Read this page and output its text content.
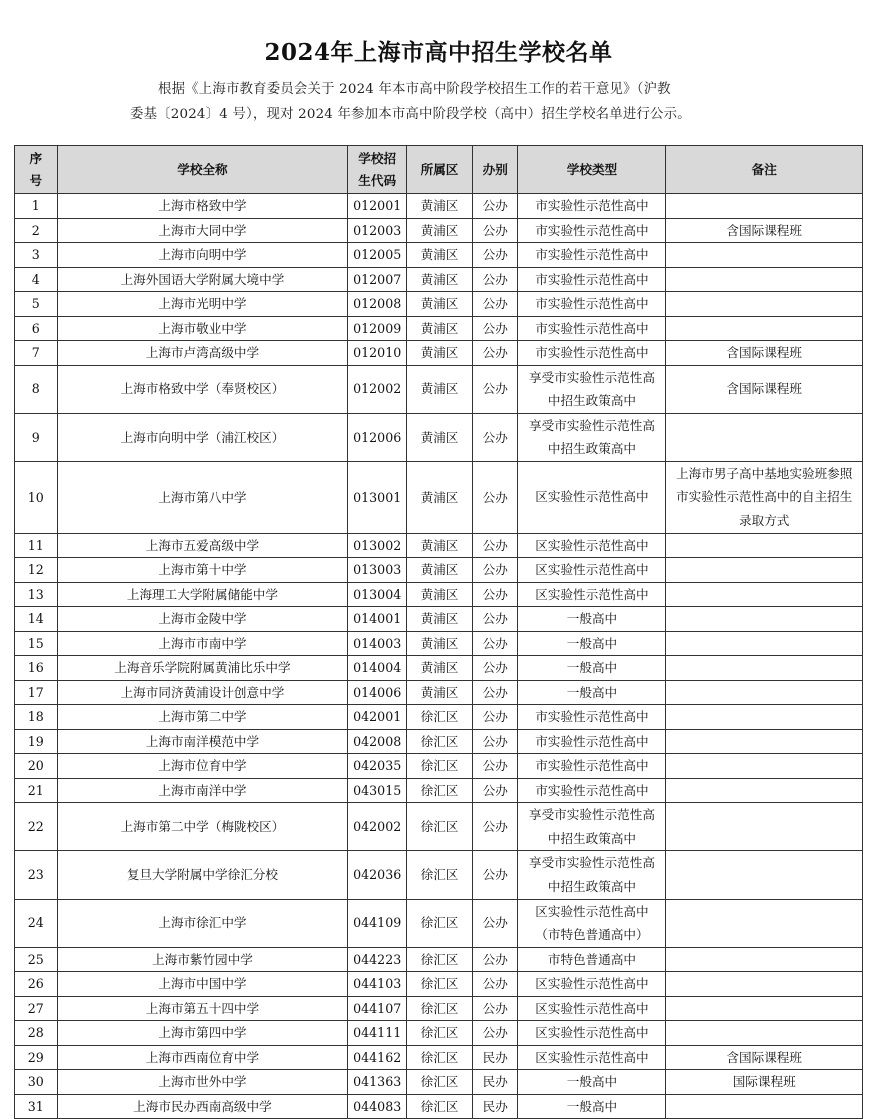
2024年上海市高中招生学校名单
根据《上海市教育委员会关于 2024 年本市高中阶段学校招生工作的若干意见》（沪教
委基〔2024〕4 号），现对 2024 年参加本市高中阶段学校（高中）招生学校名单进行公示。
序号	学校全称	学校招生代码	所属区	办别	学校类型	备注
1	上海市格致中学	012001	黄浦区	公办	市实验性示范性高中	
2	上海市大同中学	012003	黄浦区	公办	市实验性示范性高中	含国际课程班
3	上海市向明中学	012005	黄浦区	公办	市实验性示范性高中	
4	上海外国语大学附属大境中学	012007	黄浦区	公办	市实验性示范性高中	
5	上海市光明中学	012008	黄浦区	公办	市实验性示范性高中	
6	上海市敬业中学	012009	黄浦区	公办	市实验性示范性高中	
7	上海市卢湾高级中学	012010	黄浦区	公办	市实验性示范性高中	含国际课程班
8	上海市格致中学（奉贤校区）	012002	黄浦区	公办	享受市实验性示范性高中招生政策高中	含国际课程班
9	上海市向明中学（浦江校区）	012006	黄浦区	公办	享受市实验性示范性高中招生政策高中	
10	上海市第八中学	013001	黄浦区	公办	区实验性示范性高中	上海市男子高中基地实验班参照市实验性示范性高中的自主招生录取方式
11	上海市五爱高级中学	013002	黄浦区	公办	区实验性示范性高中	
12	上海市第十中学	013003	黄浦区	公办	区实验性示范性高中	
13	上海理工大学附属储能中学	013004	黄浦区	公办	区实验性示范性高中	
14	上海市金陵中学	014001	黄浦区	公办	一般高中	
15	上海市市南中学	014003	黄浦区	公办	一般高中	
16	上海音乐学院附属黄浦比乐中学	014004	黄浦区	公办	一般高中	
17	上海市同济黄浦设计创意中学	014006	黄浦区	公办	一般高中	
18	上海市第二中学	042001	徐汇区	公办	市实验性示范性高中	
19	上海市南洋模范中学	042008	徐汇区	公办	市实验性示范性高中	
20	上海市位育中学	042035	徐汇区	公办	市实验性示范性高中	
21	上海市南洋中学	043015	徐汇区	公办	市实验性示范性高中	
22	上海市第二中学（梅陇校区）	042002	徐汇区	公办	享受市实验性示范性高中招生政策高中	
23	复旦大学附属中学徐汇分校	042036	徐汇区	公办	享受市实验性示范性高中招生政策高中	
24	上海市徐汇中学	044109	徐汇区	公办	区实验性示范性高中（市特色普通高中）	
25	上海市紫竹园中学	044223	徐汇区	公办	市特色普通高中	
26	上海市中国中学	044103	徐汇区	公办	区实验性示范性高中	
27	上海市第五十四中学	044107	徐汇区	公办	区实验性示范性高中	
28	上海市第四中学	044111	徐汇区	公办	区实验性示范性高中	
29	上海市西南位育中学	044162	徐汇区	民办	区实验性示范性高中	含国际课程班
30	上海市世外中学	041363	徐汇区	民办	一般高中	国际课程班
31	上海市民办西南高级中学	044083	徐汇区	民办	一般高中	
